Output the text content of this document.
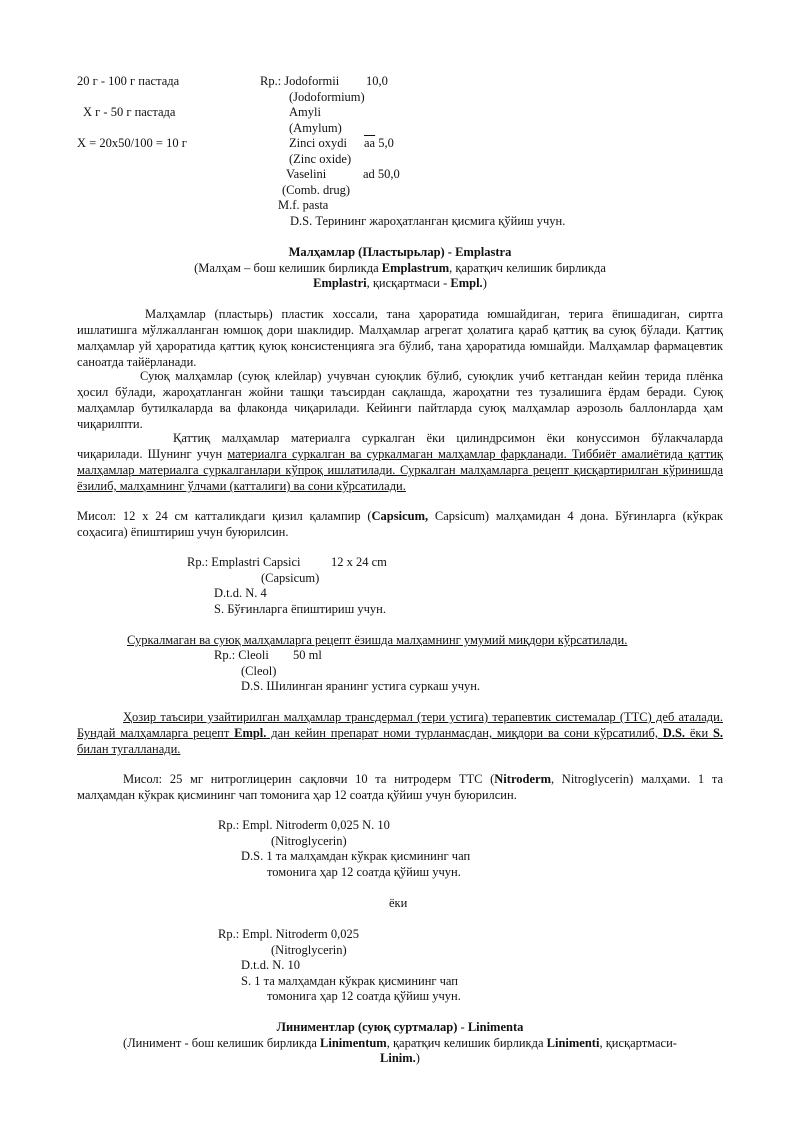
20 г - 100 г пастада
X г - 50 г пастада
X = 20x50/100 = 10 г
Rp.: Jodoformii 10,0
(Jodoformium)
Amyli
(Amylum)
Zinci oxydi $\overline{aa}$ 5,0
(Zinc oxide)
Vaselini	ad 50,0
(Comb. drug)
M.f. pasta
D.S. Терининг жароҳатланган қисмига қўйиш учун.
Малҳамлар (Пластырьлар) - Emplastra
(Малҳам – бош келишик бирликда Emplastrum, қаратқич келишик бирликда
Emplastri, қисқартмаси - Empl.)
Малҳамлар (пластырь) пластик хоссали, тана ҳароратида юмшайдиган, терига ёпишадиган, сиртга ишлатишга мўлжалланган юмшоқ дори шаклидир. Малҳамлар агрегат ҳолатига қараб қаттиқ ва суюқ бўлади. Қаттиқ малҳамлар уй ҳароратида қаттиқ қуюқ консистенцияга эга бўлиб, тана ҳароратида юмшайди. Малҳамлар фармацевтик саноатда тайёрланади.
Суюқ малҳамлар (суюқ клейлар) учувчан суюқлик бўлиб, суюқлик учиб кетгандан кейин терида плёнка ҳосил бўлади, жароҳатланган жойни ташқи таъсирдан сақлашда, жароҳатни тез тузалишига ёрдам беради. Суюқ малҳамлар бутилкаларда ва флаконда чиқарилади. Кейинги пайтларда суюқ малҳамлар аэрозоль баллонларда ҳам чиқарилпти.
Қаттиқ малҳамлар материалга суркалган ёки цилиндрсимон ёки конуссимон бўлакчаларда чиқарилади. Шунинг учун материалга суркалган ва суркалмаган малҳамлар фарқланади. Тиббиёт амалиётида қаттиқ малҳамлар материалга суркалганлари кўпроқ ишлатилади. Суркалган малҳамларга рецепт қисқартирилган кўринишда ёзилиб, малҳамнинг ўлчами (катталиги) ва сони кўрсатилади.
Мисол: 12 x 24 см катталикдаги қизил қалампир (Capsicum, Capsicum) малҳамидан 4 дона. Бўғинларга (кўкрак соҳасига) ёпиштириш учун буюрилсин.
Rp.: Emplastri Capsici 12 x 24 cm
(Capsicum)
D.t.d. N. 4
S. Бўғинларга ёпиштириш учун.
Суркалмаган ва суюқ малҳамларга рецепт ёзишда малҳамнинг умумий миқдори кўрсатилади.
Rp.: Cleoli 50 ml
(Cleol)
D.S. Шилинган яранинг устига суркаш учун.
Ҳозир таъсири узайтирилган малҳамлар трансдермал (тери устига) терапевтик системалар (ТТС) деб аталади. Бундай малҳамларга рецепт Empl. дан кейин препарат номи турланмасдан, миқдори ва сони кўрсатилиб, D.S. ёки S. билан тугалланади.
Мисол: 25 мг нитроглицерин сақловчи 10 та нитродерм ТТС (Nitroderm, Nitroglycerin) малҳами. 1 та малҳамдан кўкрак қисмининг чап томонига ҳар 12 соатда қўйиш учун буюрилсин.
Rp.: Empl. Nitroderm 0,025 N. 10
(Nitroglycerin)
D.S. 1 та малҳамдан кўкрак қисмининг чап
томонига ҳар 12 соатда қўйиш учун.
ёки
Rp.: Empl. Nitroderm 0,025
(Nitroglycerin)
D.t.d. N. 10
S. 1 та малҳамдан кўкрак қисмининг чап
томонига ҳар 12 соатда қўйиш учун.
Линиментлар (суюқ суртмалар) - Linimenta
(Линимент - бош келишик бирликда Linimentum, қаратқич келишик бирликда Linimenti, қисқартмаси-
Linim.)
